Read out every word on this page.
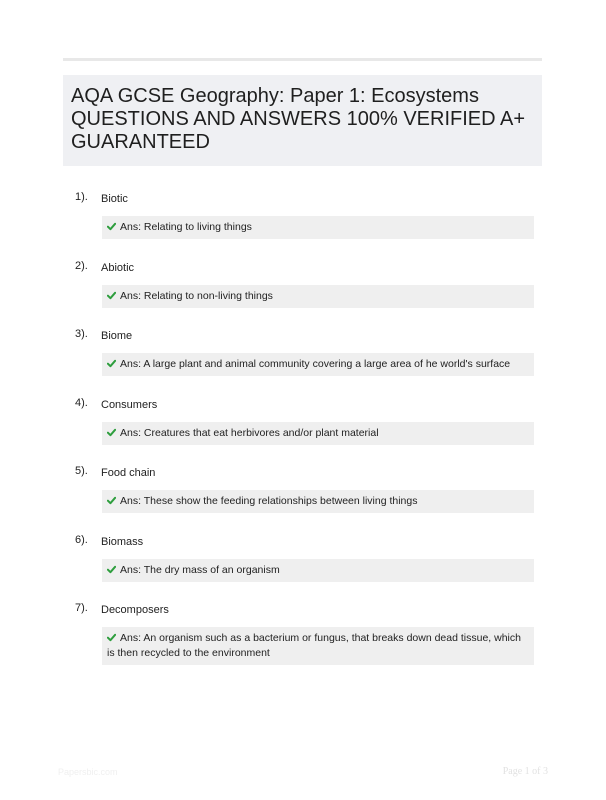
AQA GCSE Geography: Paper 1: Ecosystems QUESTIONS AND ANSWERS 100% VERIFIED A+ GUARANTEED
1). Biotic
Ans: Relating to living things
2). Abiotic
Ans: Relating to non-living things
3). Biome
Ans: A large plant and animal community covering a large area of he world's surface
4). Consumers
Ans: Creatures that eat herbivores and/or plant material
5). Food chain
Ans: These show the feeding relationships between living things
6). Biomass
Ans: The dry mass of an organism
7). Decomposers
Ans: An organism such as a bacterium or fungus, that breaks down dead tissue, which is then recycled to the environment
Papersbic.com	Page 1 of 3
